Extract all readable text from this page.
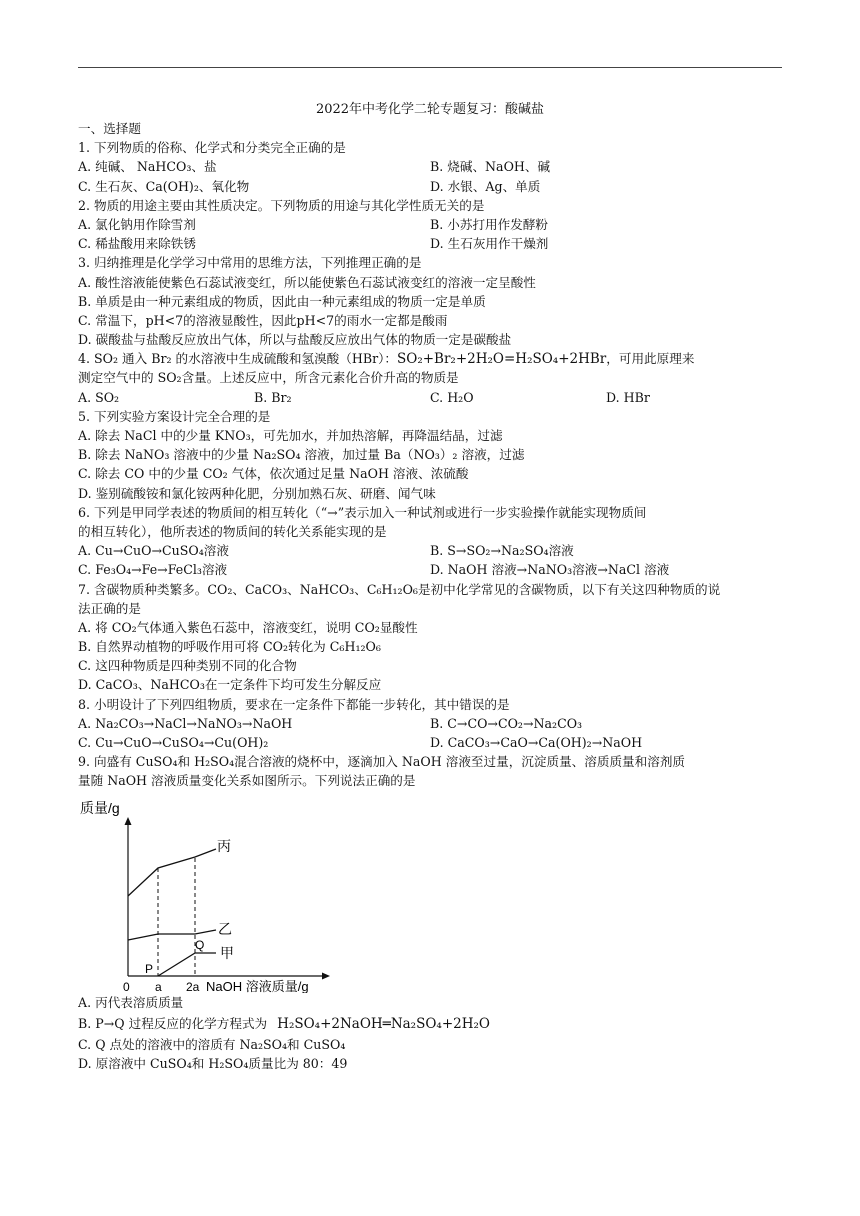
2022年中考化学二轮专题复习：酸碱盐
一、选择题
1. 下列物质的俗称、化学式和分类完全正确的是
A. 纯碱、 NaHCO₃、盐	B. 烧碱、NaOH、碱
C. 生石灰、Ca(OH)₂、氧化物	D. 水银、Ag、单质
2. 物质的用途主要由其性质决定。下列物质的用途与其化学性质无关的是
A. 氯化钠用作除雪剂	B. 小苏打用作发酵粉
C. 稀盐酸用来除铁锈	D. 生石灰用作干燥剂
3. 归纳推理是化学学习中常用的思维方法，下列推理正确的是
A. 酸性溶液能使紫色石蕊试液变红，所以能使紫色石蕊试液变红的溶液一定呈酸性
B. 单质是由一种元素组成的物质，因此由一种元素组成的物质一定是单质
C. 常温下，pH<7的溶液显酸性，因此pH<7的雨水一定都是酸雨
D. 碳酸盐与盐酸反应放出气体，所以与盐酸反应放出气体的物质一定是碳酸盐
4. SO₂ 通入 Br₂ 的水溶液中生成硫酸和氢溴酸（HBr）：SO₂+Br₂+2H₂O=H₂SO₄+2HBr，可用此原理来
测定空气中的 SO₂含量。上述反应中，所含元素化合价升高的物质是
A. SO₂	B. Br₂	C. H₂O	D. HBr
5. 下列实验方案设计完全合理的是
A. 除去 NaCl 中的少量 KNO₃，可先加水，并加热溶解，再降温结晶，过滤
B. 除去 NaNO₃ 溶液中的少量 Na₂SO₄ 溶液，加过量 Ba（NO₃）₂ 溶液，过滤
C. 除去 CO 中的少量 CO₂ 气体，依次通过足量 NaOH 溶液、浓硫酸
D. 鉴别硫酸铵和氯化铵两种化肥，分别加熟石灰、研磨、闻气味
6. 下列是甲同学表述的物质间的相互转化（“→”表示加入一种试剂或进行一步实验操作就能实现物质间
的相互转化），他所表述的物质间的转化关系能实现的是
A. Cu→CuO→CuSO₄溶液	B. S→SO₂→Na₂SO₄溶液
C. Fe₃O₄→Fe→FeCl₃溶液	D. NaOH 溶液→NaNO₃溶液→NaCl 溶液
7. 含碳物质种类繁多。CO₂、CaCO₃、NaHCO₃、C₆H₁₂O₆是初中化学常见的含碳物质，以下有关这四种物质的说
法正确的是
A. 将 CO₂气体通入紫色石蕊中，溶液变红，说明 CO₂显酸性
B. 自然界动植物的呼吸作用可将 CO₂转化为 C₆H₁₂O₆
C. 这四种物质是四种类别不同的化合物
D. CaCO₃、NaHCO₃在一定条件下均可发生分解反应
8. 小明设计了下列四组物质，要求在一定条件下都能一步转化，其中错误的是
A. Na₂CO₃→NaCl→NaNO₃→NaOH	B. C→CO→CO₂→Na₂CO₃
C. Cu→CuO→CuSO₄→Cu(OH)₂	D. CaCO₃→CaO→Ca(OH)₂→NaOH
9. 向盛有 CuSO₄和 H₂SO₄混合溶液的烧杯中，逐滴加入 NaOH 溶液至过量，沉淀质量、溶质质量和溶剂质
量随 NaOH 溶液质量变化关系如图所示。下列说法正确的是
质量/g
丙
乙
甲
P
Q
0 a 2a NaOH 溶液质量/g
A. 丙代表溶质质量
B. P→Q 过程反应的化学方程式为 H₂SO₄+2NaOH═Na₂SO₄+2H₂O
C. Q 点处的溶液中的溶质有 Na₂SO₄和 CuSO₄
D. 原溶液中 CuSO₄和 H₂SO₄质量比为 80：49
